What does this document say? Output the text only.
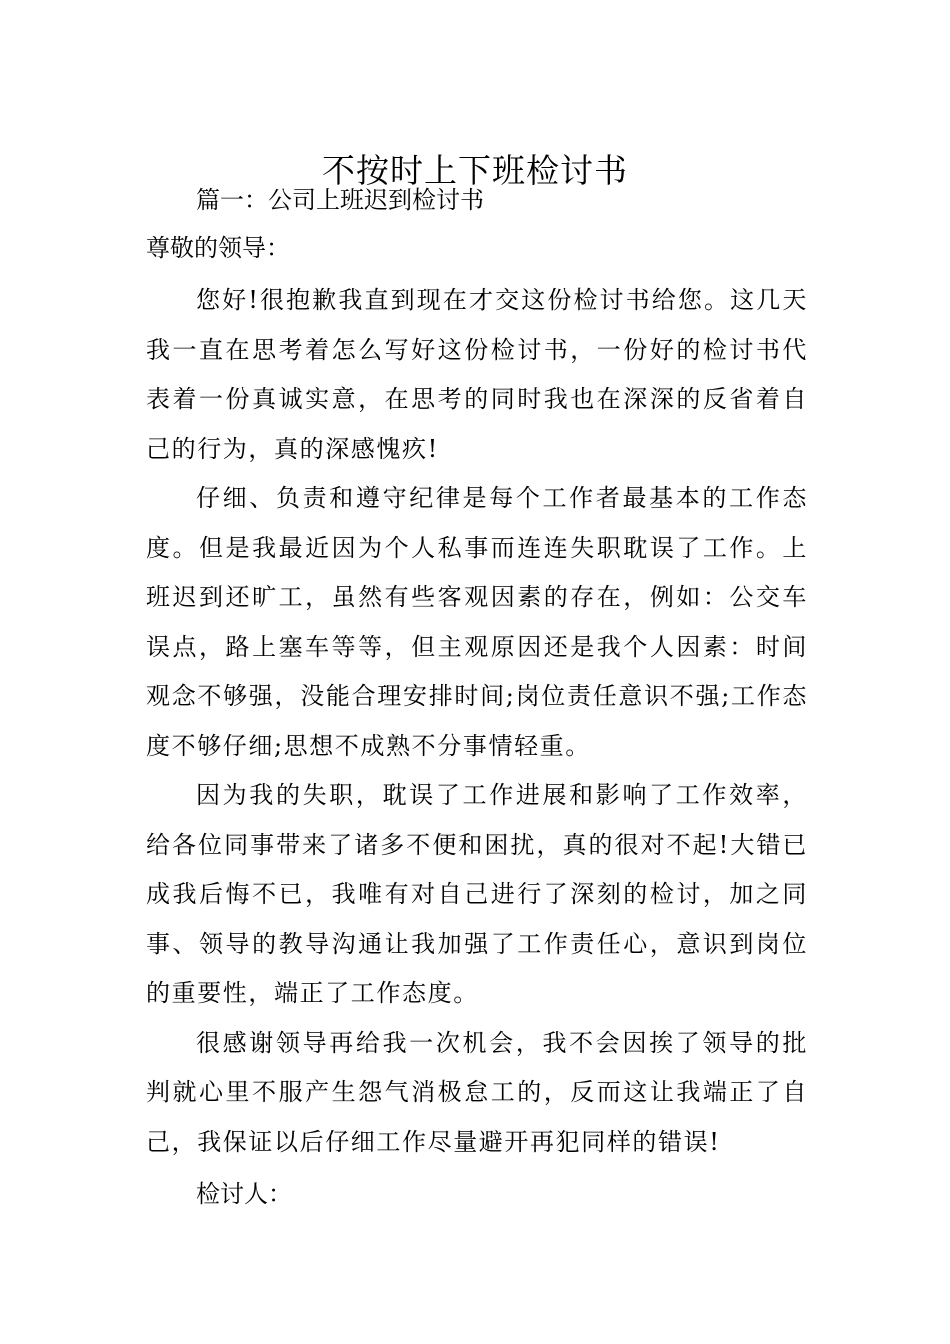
不按时上下班检讨书
篇一：公司上班迟到检讨书
尊敬的领导：

您好!很抱歉我直到现在才交这份检讨书给您。这几天我一直在思考着怎么写好这份检讨书，一份好的检讨书代表着一份真诚实意，在思考的同时我也在深深的反省着自己的行为，真的深感愧疚!

仔细、负责和遵守纪律是每个工作者最基本的工作态度。但是我最近因为个人私事而连连失职耽误了工作。上班迟到还旷工，虽然有些客观因素的存在，例如：公交车误点，路上塞车等等，但主观原因还是我个人因素：时间观念不够强，没能合理安排时间;岗位责任意识不强;工作态度不够仔细;思想不成熟不分事情轻重。

因为我的失职，耽误了工作进展和影响了工作效率，给各位同事带来了诸多不便和困扰，真的很对不起!大错已成我后悔不已，我唯有对自己进行了深刻的检讨，加之同事、领导的教导沟通让我加强了工作责任心，意识到岗位的重要性，端正了工作态度。

很感谢领导再给我一次机会，我不会因挨了领导的批判就心里不服产生怨气消极怠工的，反而这让我端正了自己，我保证以后仔细工作尽量避开再犯同样的错误!

检讨人：
